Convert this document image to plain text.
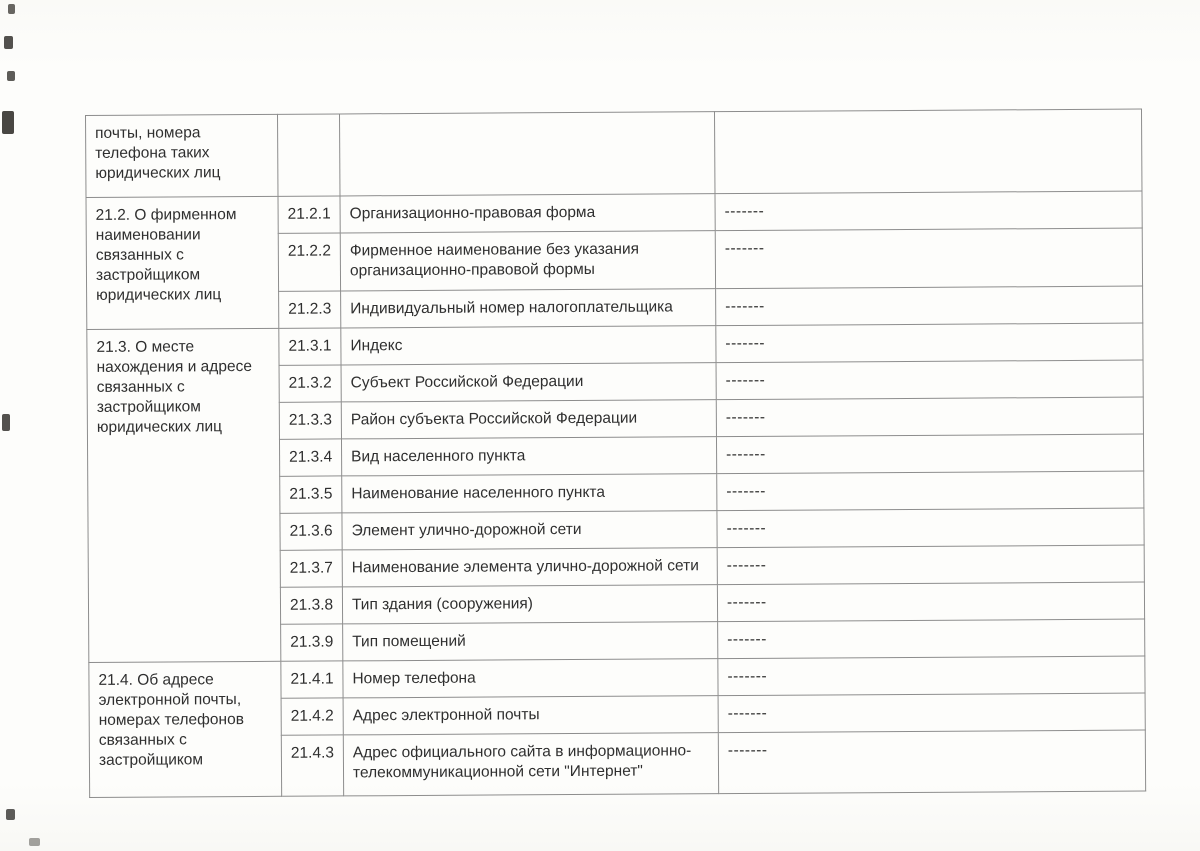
почты, номера телефона таких юридических лиц			
21.2. О фирменном наименовании связанных с застройщиком юридических лиц	21.2.1	Организационно-правовая форма	-------
	21.2.2	Фирменное наименование без указания организационно-правовой формы	-------
	21.2.3	Индивидуальный номер налогоплательщика	-------
21.3. О месте нахождения и адресе связанных с застройщиком юридических лиц	21.3.1	Индекс	-------
	21.3.2	Субъект Российской Федерации	-------
	21.3.3	Район субъекта Российской Федерации	-------
	21.3.4	Вид населенного пункта	-------
	21.3.5	Наименование населенного пункта	-------
	21.3.6	Элемент улично-дорожной сети	-------
	21.3.7	Наименование элемента улично-дорожной сети	-------
	21.3.8	Тип здания (сооружения)	-------
	21.3.9	Тип помещений	-------
21.4. Об адресе электронной почты, номерах телефонов связанных с застройщиком	21.4.1	Номер телефона	-------
	21.4.2	Адрес электронной почты	-------
	21.4.3	Адрес официального сайта в информационно-телекоммуникационной сети "Интернет"	-------
